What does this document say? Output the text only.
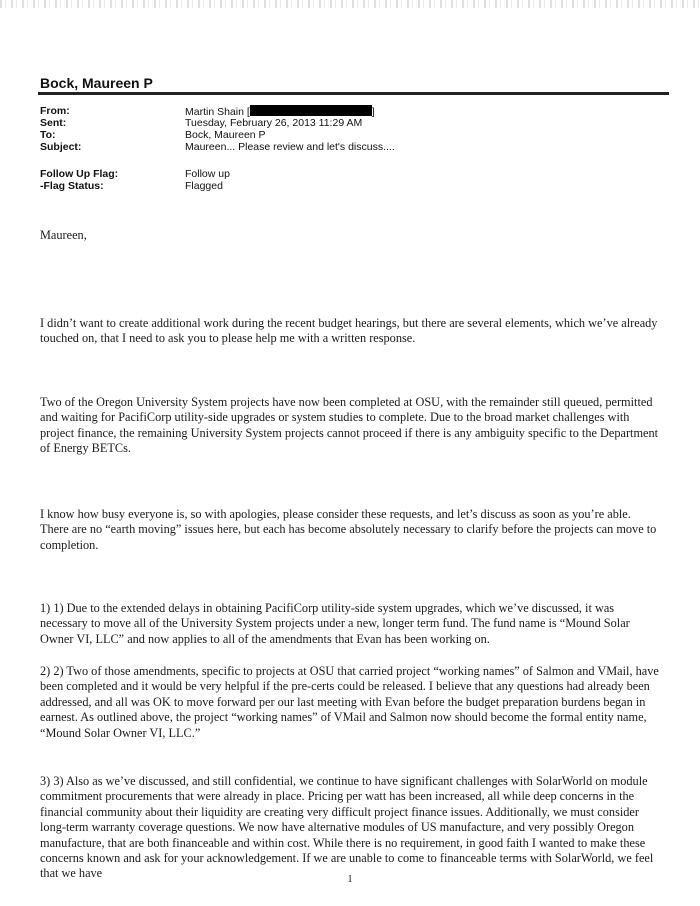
Bock, Maureen P
From:	Martin Shain [	]
Sent:	Tuesday, February 26, 2013 11:29 AM
To:	Bock, Maureen P
Subject:	Maureen... Please review and let's discuss....
Follow Up Flag:	Follow up
-Flag Status:	Flagged
Maureen,

I didn’t want to create additional work during the recent budget hearings, but there are several elements, which we’ve already touched on, that I need to ask you to please help me with a written response.

Two of the Oregon University System projects have now been completed at OSU, with the remainder still queued, permitted and waiting for PacifiCorp utility-side upgrades or system studies to complete. Due to the broad market challenges with project finance, the remaining University System projects cannot proceed if there is any ambiguity specific to the Department of Energy BETCs.

I know how busy everyone is, so with apologies, please consider these requests, and let’s discuss as soon as you’re able. There are no “earth moving” issues here, but each has become absolutely necessary to clarify before the projects can move to completion.

1) 1) Due to the extended delays in obtaining PacifiCorp utility-side system upgrades, which we’ve discussed, it was necessary to move all of the University System projects under a new, longer term fund. The fund name is “Mound Solar Owner VI, LLC” and now applies to all of the amendments that Evan has been working on.

2) 2) Two of those amendments, specific to projects at OSU that carried project “working names” of Salmon and VMail, have been completed and it would be very helpful if the pre-certs could be released. I believe that any questions had already been addressed, and all was OK to move forward per our last meeting with Evan before the budget preparation burdens began in earnest. As outlined above, the project “working names” of VMail and Salmon now should become the formal entity name, “Mound Solar Owner VI, LLC.”

3) 3) Also as we’ve discussed, and still confidential, we continue to have significant challenges with SolarWorld on module commitment procurements that were already in place. Pricing per watt has been increased, all while deep concerns in the financial community about their liquidity are creating very difficult project finance issues. Additionally, we must consider long-term warranty coverage questions. We now have alternative modules of US manufacture, and very possibly Oregon manufacture, that are both financeable and within cost. While there is no requirement, in good faith I wanted to make these concerns known and ask for your acknowledgement. If we are unable to come to financeable terms with SolarWorld, we feel that we have	1
